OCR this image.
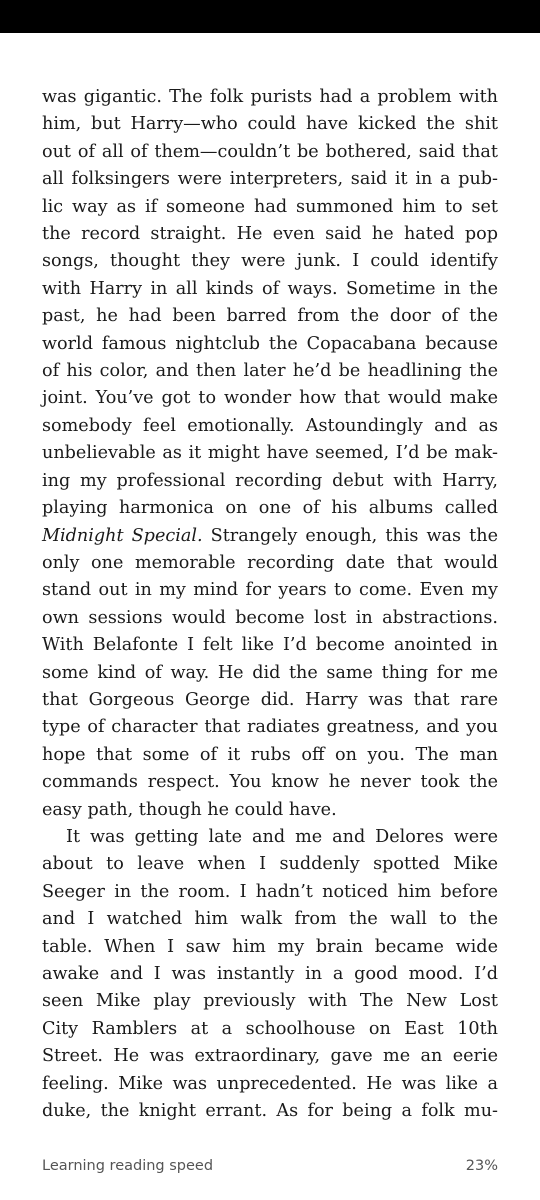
was gigantic. The folk purists had a problem with
him, but Harry—who could have kicked the shit
out of all of them—couldn’t be bothered, said that
all folksingers were interpreters, said it in a pub-
lic way as if someone had summoned him to set
the record straight. He even said he hated pop
songs, thought they were junk. I could identify
with Harry in all kinds of ways. Sometime in the
past, he had been barred from the door of the
world famous nightclub the Copacabana because
of his color, and then later he’d be headlining the
joint. You’ve got to wonder how that would make
somebody feel emotionally. Astoundingly and as
unbelievable as it might have seemed, I’d be mak-
ing my professional recording debut with Harry,
playing harmonica on one of his albums called
Midnight Special. Strangely enough, this was the
only one memorable recording date that would
stand out in my mind for years to come. Even my
own sessions would become lost in abstractions.
With Belafonte I felt like I’d become anointed in
some kind of way. He did the same thing for me
that Gorgeous George did. Harry was that rare
type of character that radiates greatness, and you
hope that some of it rubs off on you. The man
commands respect. You know he never took the
easy path, though he could have.
It was getting late and me and Delores were
about to leave when I suddenly spotted Mike
Seeger in the room. I hadn’t noticed him before
and I watched him walk from the wall to the
table. When I saw him my brain became wide
awake and I was instantly in a good mood. I’d
seen Mike play previously with The New Lost
City Ramblers at a schoolhouse on East 10th
Street. He was extraordinary, gave me an eerie
feeling. Mike was unprecedented. He was like a
duke, the knight errant. As for being a folk mu-
Learning reading speed	23%
